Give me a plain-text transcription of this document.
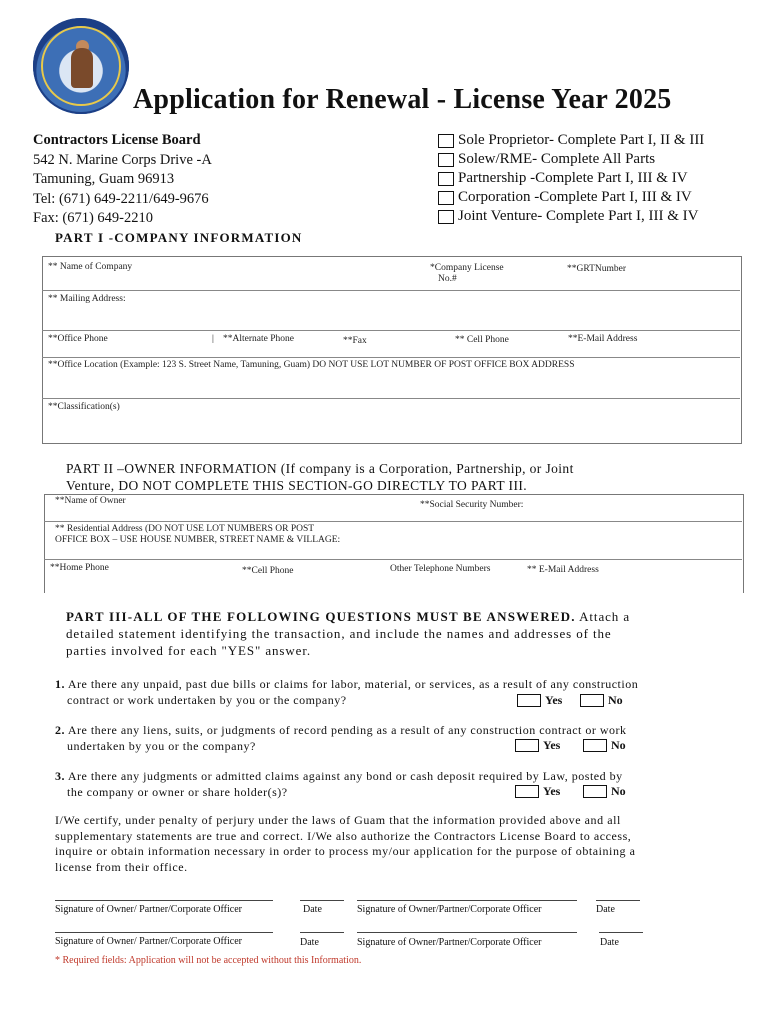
Application for Renewal - License Year 2025
Contractors License Board
542 N. Marine Corps Drive -A
Tamuning, Guam 96913
Tel: (671) 649-2211/649-9676
Fax: (671) 649-2210
Sole Proprietor- Complete Part I, II & III
Solew/RME- Complete All Parts
Partnership -Complete Part I, III & IV
Corporation -Complete Part I, III & IV
Joint Venture- Complete Part I, III & IV
PART I -COMPANY INFORMATION
** Name of Company	*Company License
No.#
**GRTNumber
** Mailing Address:
**Office Phone	| **Alternate Phone	**Fax	** Cell Phone	**E-Mail Address
**Office Location (Example: 123 S. Street Name, Tamuning, Guam) DO NOT USE LOT NUMBER OF POST OFFICE BOX ADDRESS
**Classification(s)
PART II –OWNER INFORMATION (If company is a Corporation, Partnership, or Joint
Venture, DO NOT COMPLETE THIS SECTION-GO DIRECTLY TO PART III.
**Name of Owner	**Social Security Number:
** Residential Address (DO NOT USE LOT NUMBERS OR POST
OFFICE BOX – USE HOUSE NUMBER, STREET NAME & VILLAGE:
**Home Phone	**Cell Phone	Other Telephone Numbers	** E-Mail Address
PART III-ALL OF THE FOLLOWING QUESTIONS MUST BE ANSWERED. Attach a
detailed statement identifying the transaction, and include the names and addresses of the
parties involved for each "YES" answer.
1. Are there any unpaid, past due bills or claims for labor, material, or services, as a result of any construction
contract or work undertaken by you or the company?	Yes	No
2. Are there any liens, suits, or judgments of record pending as a result of any construction contract or work
undertaken by you or the company?	Yes	No
3. Are there any judgments or admitted claims against any bond or cash deposit required by Law, posted by
the company or owner or share holder(s)?	Yes	No
I/We certify, under penalty of perjury under the laws of Guam that the information provided above and all
supplementary statements are true and correct. I/We also authorize the Contractors License Board to access,
inquire or obtain information necessary in order to process my/our application for the purpose of obtaining a
license from their office.
Signature of Owner/ Partner/Corporate Officer	Date	Signature of Owner/Partner/Corporate Officer	Date
Signature of Owner/ Partner/Corporate Officer	Date	Signature of Owner/Partner/Corporate Officer	Date
* Required fields: Application will not be accepted without this Information.
